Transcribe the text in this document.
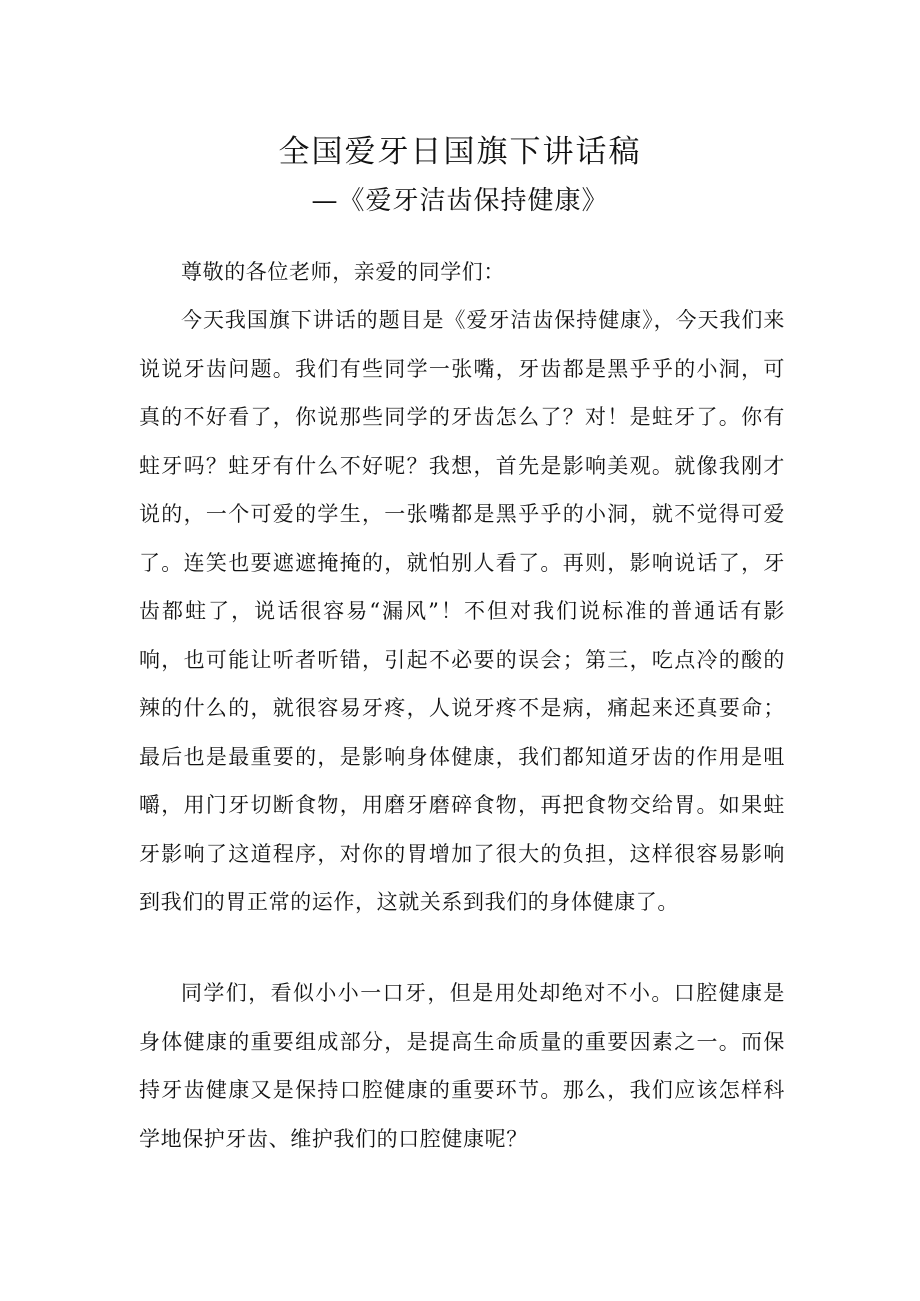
全国爱牙日国旗下讲话稿
—《爱牙洁齿保持健康》

尊敬的各位老师，亲爱的同学们：

今天我国旗下讲话的题目是《爱牙洁齿保持健康》，今天我们来说说牙齿问题。我们有些同学一张嘴，牙齿都是黑乎乎的小洞，可真的不好看了，你说那些同学的牙齿怎么了？对！是蛀牙了。你有蛀牙吗？蛀牙有什么不好呢？我想，首先是影响美观。就像我刚才说的，一个可爱的学生，一张嘴都是黑乎乎的小洞，就不觉得可爱了。连笑也要遮遮掩掩的，就怕别人看了。再则，影响说话了，牙齿都蛀了，说话很容易“漏风”！不但对我们说标准的普通话有影响，也可能让听者听错，引起不必要的误会；第三，吃点冷的酸的辣的什么的，就很容易牙疼，人说牙疼不是病，痛起来还真要命；最后也是最重要的，是影响身体健康，我们都知道牙齿的作用是咀嚼，用门牙切断食物，用磨牙磨碎食物，再把食物交给胃。如果蛀牙影响了这道程序，对你的胃增加了很大的负担，这样很容易影响到我们的胃正常的运作，这就关系到我们的身体健康了。

同学们，看似小小一口牙，但是用处却绝对不小。口腔健康是身体健康的重要组成部分，是提高生命质量的重要因素之一。而保持牙齿健康又是保持口腔健康的重要环节。那么，我们应该怎样科学地保护牙齿、维护我们的口腔健康呢？
